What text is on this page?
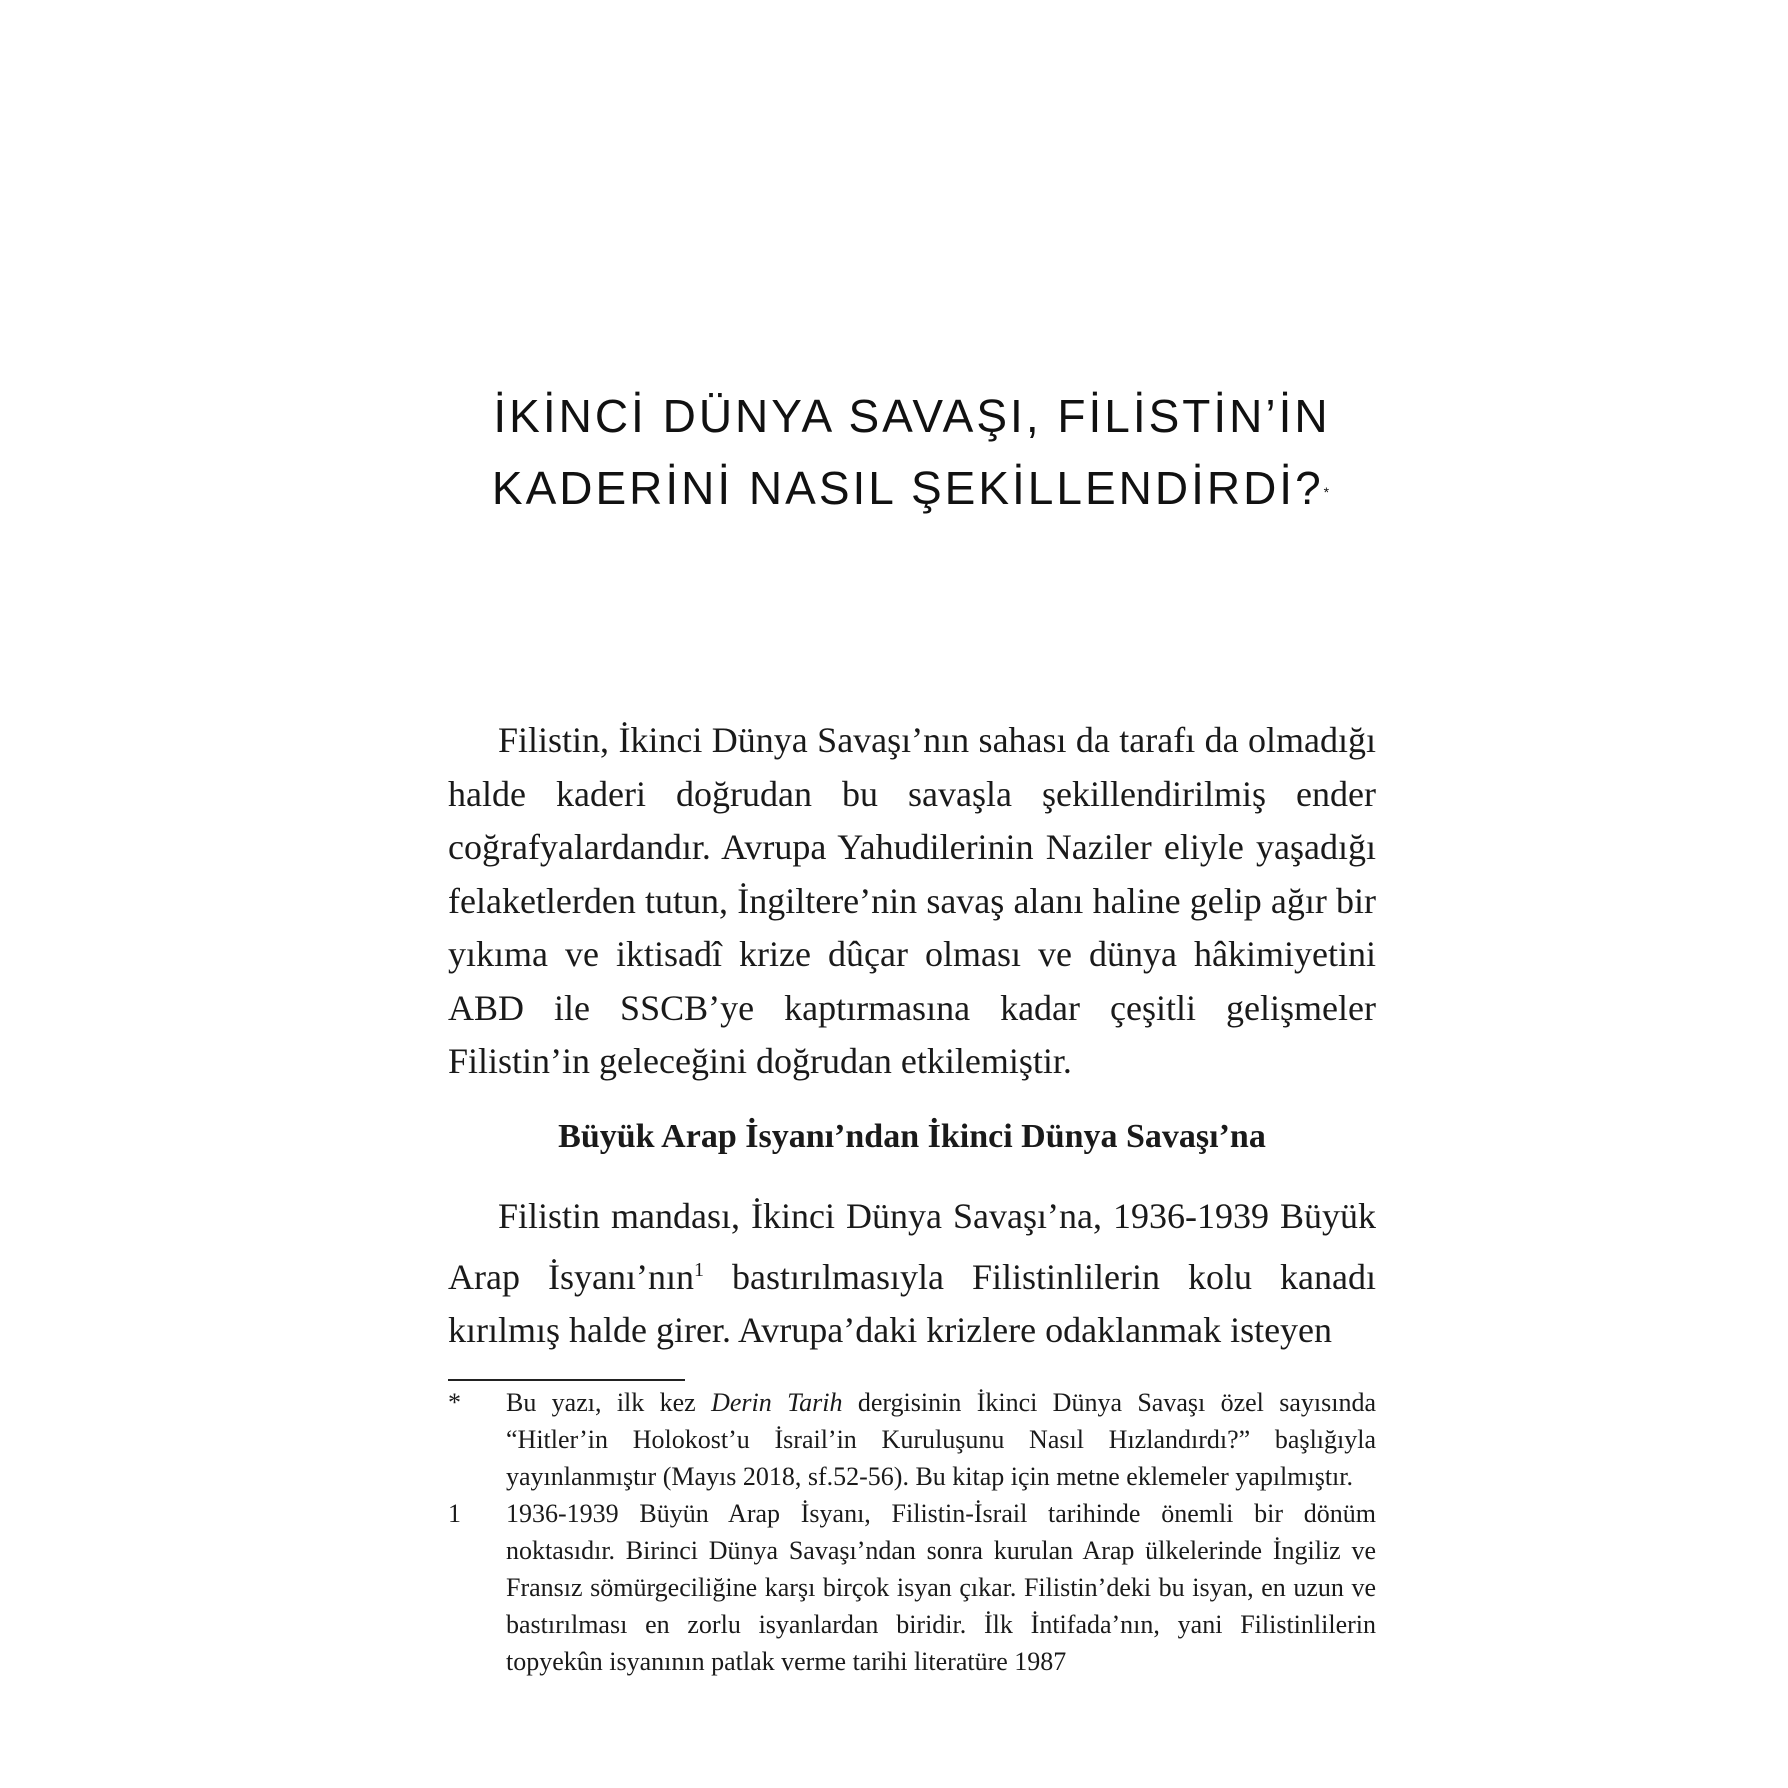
İKİNCİ DÜNYA SAVAŞI, FİLİSTİN’İN
KADERİNİ NASIL ŞEKİLLENDİRDİ?*

Filistin, İkinci Dünya Savaşı’nın sahası da tarafı da olmadığı halde kaderi doğrudan bu savaşla şekillendirilmiş ender coğrafyalardandır. Avrupa Yahudilerinin Naziler eliyle yaşadığı felaketlerden tutun, İngiltere’nin savaş alanı haline gelip ağır bir yıkıma ve iktisadî krize dûçar olması ve dünya hâkimiyetini ABD ile SSCB’ye kaptırmasına kadar çeşitli gelişmeler Filistin’in geleceğini doğrudan etkilemiştir.

Büyük Arap İsyanı’ndan İkinci Dünya Savaşı’na

Filistin mandası, İkinci Dünya Savaşı’na, 1936-1939 Büyük Arap İsyanı’nın$^1$ bastırılmasıyla Filistinlilerin kolu kanadı kırılmış halde girer. Avrupa’daki krizlere odaklanmak isteyen

* Bu yazı, ilk kez Derin Tarih dergisinin İkinci Dünya Savaşı özel sayısında “Hitler’in Holokost’u İsrail’in Kuruluşunu Nasıl Hızlandırdı?” başlığıyla yayınlanmıştır (Mayıs 2018, sf.52-56). Bu kitap için metne eklemeler yapılmıştır.
1 1936-1939 Büyün Arap İsyanı, Filistin-İsrail tarihinde önemli bir dönüm noktasıdır. Birinci Dünya Savaşı’ndan sonra kurulan Arap ülkelerinde İngiliz ve Fransız sömürgeciliğine karşı birçok isyan çıkar. Filistin’deki bu isyan, en uzun ve bastırılması en zorlu isyanlardan biridir. İlk İntifada’nın, yani Filistinlilerin topyekûn isyanının patlak verme tarihi literatüre 1987
